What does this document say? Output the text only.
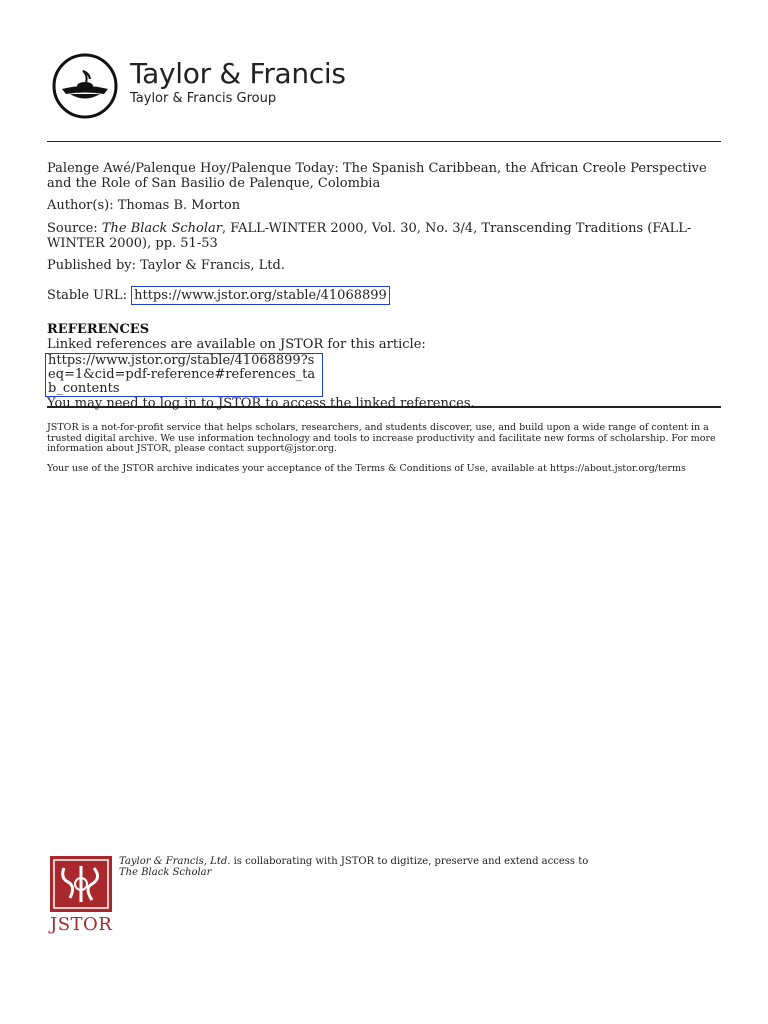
Taylor & Francis
Taylor & Francis Group
Palenge Awé/Palenque Hoy/Palenque Today: The Spanish Caribbean, the African Creole Perspective and the Role of San Basilio de Palenque, Colombia
Author(s): Thomas B. Morton
Source: The Black Scholar, FALL-WINTER 2000, Vol. 30, No. 3/4, Transcending Traditions (FALL-WINTER 2000), pp. 51-53
Published by: Taylor & Francis, Ltd.
Stable URL: https://www.jstor.org/stable/41068899
REFERENCES
Linked references are available on JSTOR for this article:
https://www.jstor.org/stable/41068899?seq=1&cid=pdf-reference#references_tab_contents
You may need to log in to JSTOR to access the linked references.
JSTOR is a not-for-profit service that helps scholars, researchers, and students discover, use, and build upon a wide range of content in a trusted digital archive. We use information technology and tools to increase productivity and facilitate new forms of scholarship. For more information about JSTOR, please contact support@jstor.org.
Your use of the JSTOR archive indicates your acceptance of the Terms & Conditions of Use, available at https://about.jstor.org/terms
JSTOR
Taylor & Francis, Ltd. is collaborating with JSTOR to digitize, preserve and extend access to
The Black Scholar
